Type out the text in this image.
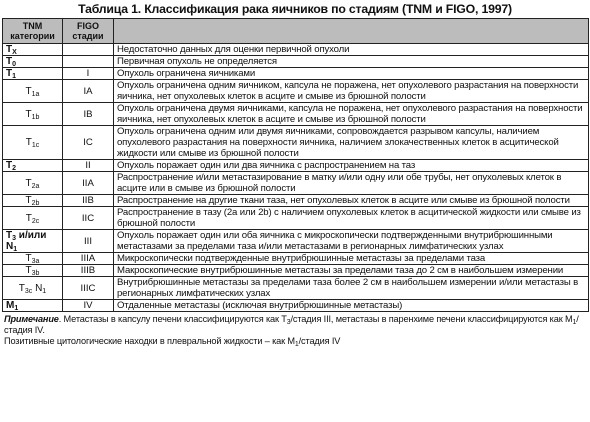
Таблица 1. Классификация рака яичников по стадиям (TNM и FIGO, 1997)
TNM категории	FIGO стадии	
$T_X$		Недостаточно данных для оценки первичной опухоли
$T_0$		Первичная опухоль не определяется
$T_1$	I	Опухоль ограничена яичниками
$T_{1a}$	IA	Опухоль ограничена одним яичником, капсула не поражена, нет опухолевого разрастания на поверхности яичника, нет опухолевых клеток в асците и смыве из брюшной полости
$T_{1b}$	IB	Опухоль ограничена двумя яичниками, капсула не поражена, нет опухолевого разрастания на поверхности яичника, нет опухолевых клеток в асците и смыве из брюшной полости
$T_{1c}$	IC	Опухоль ограничена одним или двумя яичниками, сопровождается разрывом капсулы, наличием опухолевого разрастания на поверхности яичника, наличием злокачественных клеток в асцитической жидкости или смыве из брюшной полости
$T_2$	II	Опухоль поражает один или два яичника с распространением на таз
$T_{2a}$	IIA	Распространение и/или метастазирование в матку и/или одну или обе трубы, нет опухолевых клеток в асците или в смыве из брюшной полости
$T_{2b}$	IIB	Распространение на другие ткани таза, нет опухолевых клеток в асците или смыве из брюшной полости
$T_{2c}$	IIC	Распространение в тазу (2a или 2b) с наличием опухолевых клеток в асцитической жидкости или смыве из брюшной полости
$T_3$ и/или $N_1$	III	Опухоль поражает один или оба яичника с микроскопически подтвержденными внутрибрюшинными метастазами за пределами таза и/или метастазами в регионарных лимфатических узлах
$T_{3a}$	IIIA	Микроскопически подтвержденные внутрибрюшинные метастазы за пределами таза
$T_{3b}$	IIIB	Макроскопические внутрибрюшинные метастазы за пределами таза до 2 см в наибольшем измерении
$T_{3c}$ $N_1$	IIIC	Внутрибрюшинные метастазы за пределами таза более 2 см в наибольшем измерении и/или метастазы в регионарных лимфатических узлах
$M_1$	IV	Отдаленные метастазы (исключая внутрибрюшинные метастазы)
Примечание. Метастазы в капсулу печени классифицируются как $T_3$/стадия III, метастазы в паренхиме печени классифицируются как $M_1$/стадия IV.
Позитивные цитологические находки в плевральной жидкости – как $M_1$/стадия IV
